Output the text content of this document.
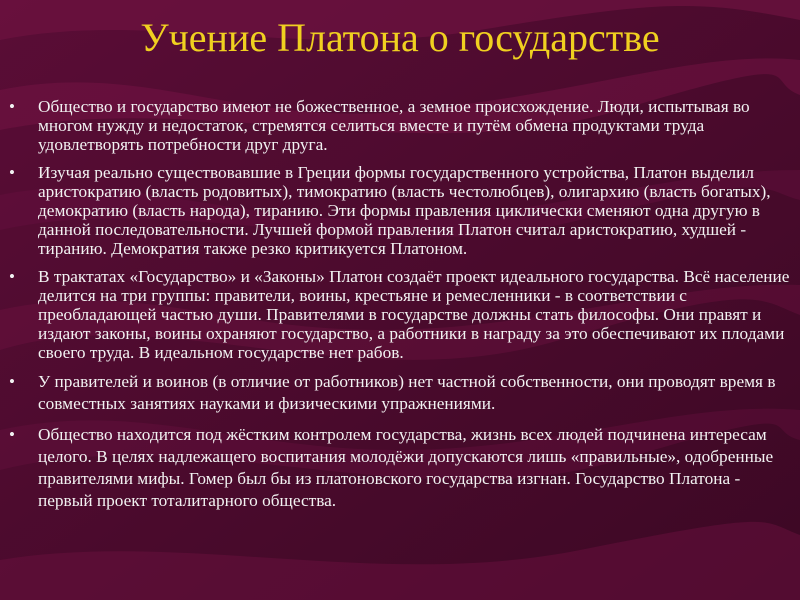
Учение Платона о государстве
• Общество и государство имеют не божественное, а земное происхождение. Люди, испытывая во многом нужду и недостаток, стремятся селиться вместе и путём обмена продуктами труда удовлетворять потребности друг друга.
• Изучая реально существовавшие в Греции формы государственного устройства, Платон выделил аристократию (власть родовитых), тимократию (власть честолюбцев), олигархию (власть богатых), демократию (власть народа), тиранию. Эти формы правления циклически сменяют одна другую в данной последовательности. Лучшей формой правления Платон считал аристократию, худшей - тиранию. Демократия также резко критикуется Платоном.
• В трактатах «Государство» и «Законы» Платон создаёт проект идеального государства. Всё население делится на три группы: правители, воины, крестьяне и ремесленники - в соответствии с преобладающей частью души. Правителями в государстве должны стать философы. Они правят и издают законы, воины охраняют государство, а работники в награду за это обеспечивают их плодами своего труда. В идеальном государстве нет рабов.
• У правителей и воинов (в отличие от работников) нет частной собственности, они проводят время в совместных занятиях науками и физическими упражнениями.
• Общество находится под жёстким контролем государства, жизнь всех людей подчинена интересам целого. В целях надлежащего воспитания молодёжи допускаются лишь «правильные», одобренные правителями мифы. Гомер был бы из платоновского государства изгнан. Государство Платона - первый проект тоталитарного общества.
